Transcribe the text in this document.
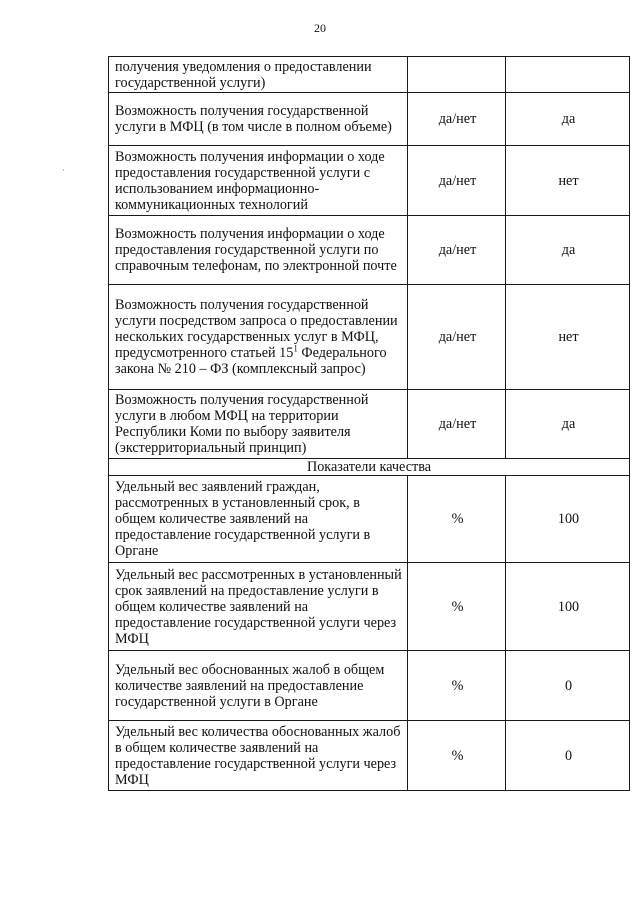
20
·
получения уведомления о предоставлении государственной услуги)		

Возможность получения государственной услуги в МФЦ (в том числе в полном объеме)	да/нет	да

Возможность получения информации о ходе предоставления государственной услуги с использованием информационно-коммуникационных технологий	да/нет	нет

Возможность получения информации о ходе предоставления государственной услуги по справочным телефонам, по электронной почте	да/нет	да

Возможность получения государственной услуги посредством запроса о предоставлении нескольких государственных услуг в МФЦ, предусмотренного статьей $15^1$ Федерального закона № 210 – ФЗ (комплексный запрос)	да/нет	нет

Возможность получения государственной услуги в любом МФЦ на территории Республики Коми по выбору заявителя (экстерриториальный принцип)	да/нет	да
Показатели качества		

Удельный вес заявлений граждан, рассмотренных в установленный срок, в общем количестве заявлений на предоставление государственной услуги в Органе	%	100

Удельный вес рассмотренных в установленный срок заявлений на предоставление услуги в общем количестве заявлений на предоставление государственной услуги через МФЦ	%	100

Удельный вес обоснованных жалоб в общем количестве заявлений на предоставление государственной услуги в Органе	%	0

Удельный вес количества обоснованных жалоб в общем количестве заявлений на предоставление государственной услуги через МФЦ	%	0
